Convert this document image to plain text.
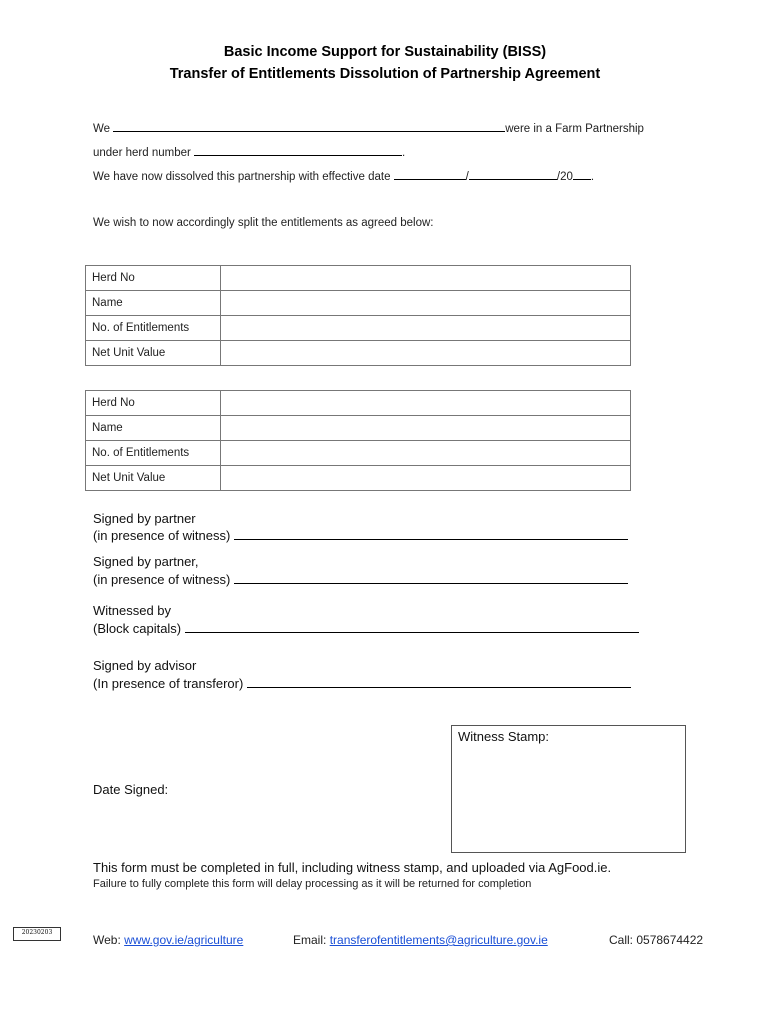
Basic Income Support for Sustainability (BISS)
Transfer of Entitlements Dissolution of Partnership Agreement
We	were in a Farm Partnership
under herd number	.
We have now dissolved this partnership with effective date	/	/20 .
We wish to now accordingly split the entitlements as agreed below:
Herd No	
Name	
No. of Entitlements	
Net Unit Value	
Herd No	
Name	
No. of Entitlements	
Net Unit Value	
Signed by partner
(in presence of witness)
Signed by partner,
(in presence of witness)
Witnessed by
(Block capitals)
Signed by advisor
(In presence of transferor)
Date Signed:
Witness Stamp:
This form must be completed in full, including witness stamp, and uploaded via AgFood.ie.
Failure to fully complete this form will delay processing as it will be returned for completion
20230203
Web: www.gov.ie/agriculture	Email: transferofentitlements@agriculture.gov.ie	Call: 0578674422
